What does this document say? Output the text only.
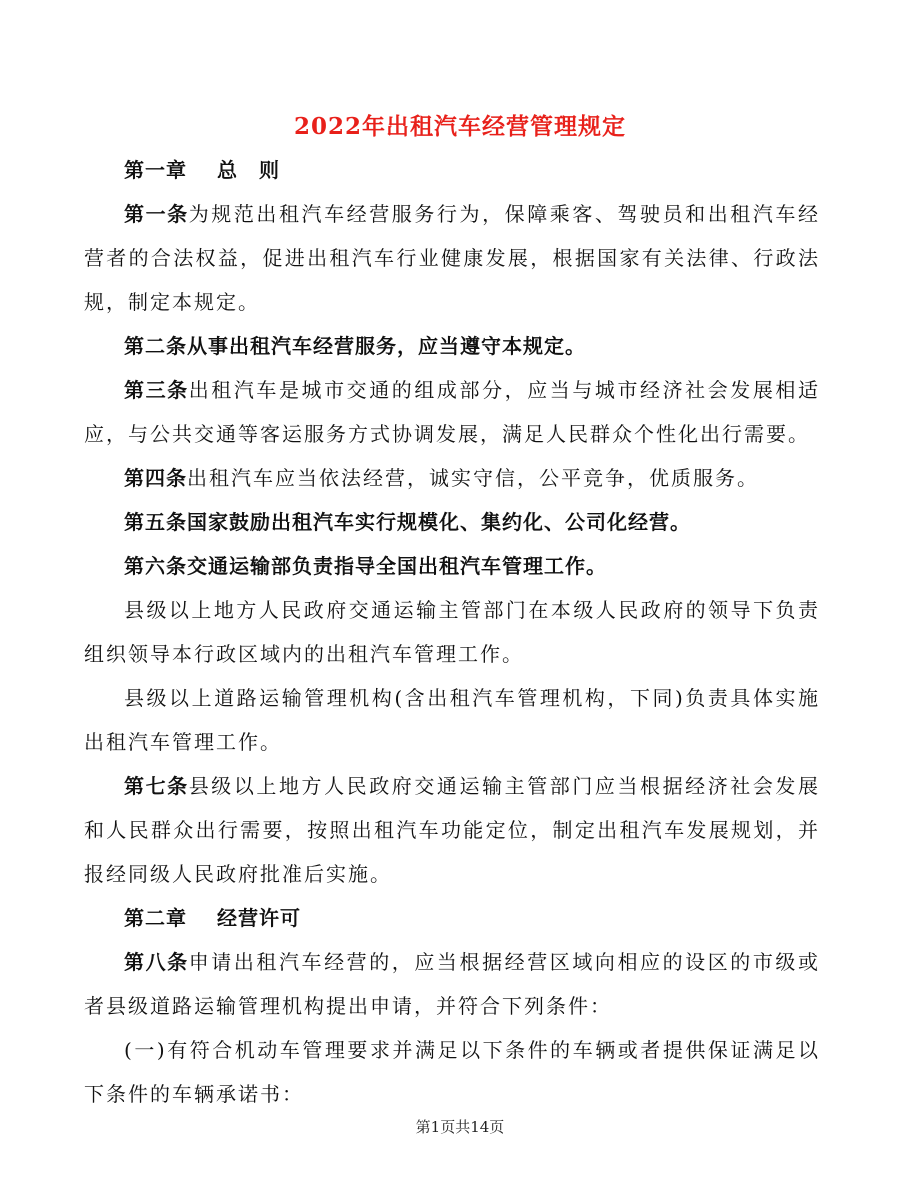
2022年出租汽车经营管理规定

第一章 总　则

第一条为规范出租汽车经营服务行为，保障乘客、驾驶员和出租汽车经营者的合法权益，促进出租汽车行业健康发展，根据国家有关法律、行政法规，制定本规定。

第二条从事出租汽车经营服务，应当遵守本规定。

第三条出租汽车是城市交通的组成部分，应当与城市经济社会发展相适应，与公共交通等客运服务方式协调发展，满足人民群众个性化出行需要。

第四条出租汽车应当依法经营，诚实守信，公平竞争，优质服务。

第五条国家鼓励出租汽车实行规模化、集约化、公司化经营。

第六条交通运输部负责指导全国出租汽车管理工作。

县级以上地方人民政府交通运输主管部门在本级人民政府的领导下负责组织领导本行政区域内的出租汽车管理工作。

县级以上道路运输管理机构(含出租汽车管理机构，下同)负责具体实施出租汽车管理工作。

第七条县级以上地方人民政府交通运输主管部门应当根据经济社会发展和人民群众出行需要，按照出租汽车功能定位，制定出租汽车发展规划，并报经同级人民政府批准后实施。

第二章 经营许可

第八条申请出租汽车经营的，应当根据经营区域向相应的设区的市级或者县级道路运输管理机构提出申请，并符合下列条件：

(一)有符合机动车管理要求并满足以下条件的车辆或者提供保证满足以下条件的车辆承诺书：

第1页共14页
